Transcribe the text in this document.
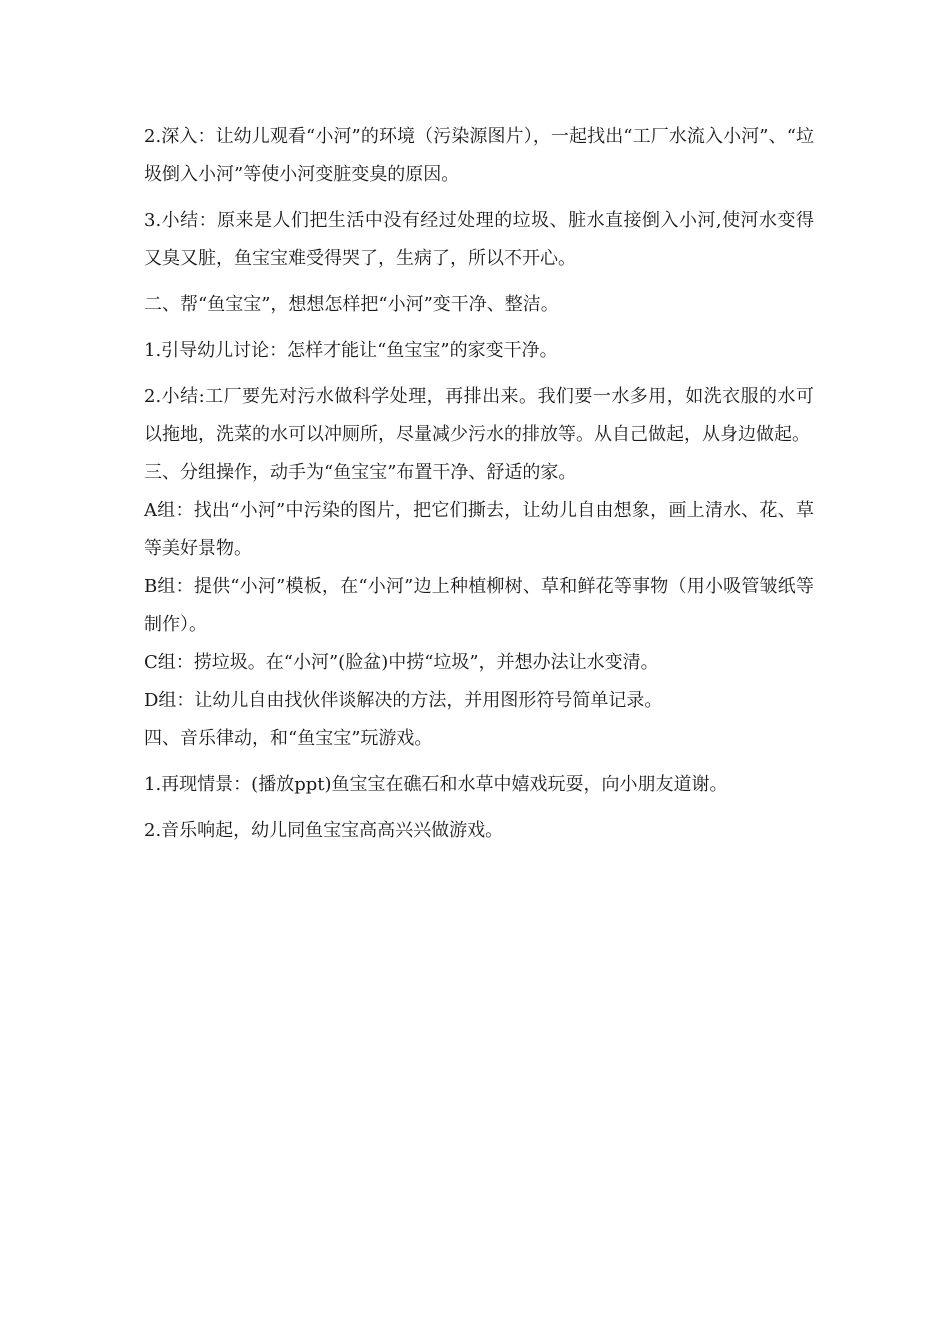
2.深入：让幼儿观看“小河”的环境（污染源图片），一起找出“工厂水流入小河”、“垃圾倒入小河”等使小河变脏变臭的原因。

3.小结：原来是人们把生活中没有经过处理的垃圾、脏水直接倒入小河,使河水变得又臭又脏，鱼宝宝难受得哭了，生病了，所以不开心。

二、帮“鱼宝宝”，想想怎样把“小河”变干净、整洁。

1.引导幼儿讨论：怎样才能让“鱼宝宝”的家变干净。

2.小结:工厂要先对污水做科学处理，再排出来。我们要一水多用，如洗衣服的水可以拖地，洗菜的水可以冲厕所，尽量减少污水的排放等。从自己做起，从身边做起。

三、分组操作，动手为“鱼宝宝”布置干净、舒适的家。

A组：找出“小河”中污染的图片，把它们撕去，让幼儿自由想象，画上清水、花、草等美好景物。

B组：提供“小河”模板，在“小河”边上种植柳树、草和鲜花等事物（用小吸管皱纸等制作）。

C组：捞垃圾。在“小河”(脸盆)中捞“垃圾”，并想办法让水变清。

D组：让幼儿自由找伙伴谈解决的方法，并用图形符号简单记录。

四、音乐律动，和“鱼宝宝”玩游戏。

1.再现情景：(播放ppt)鱼宝宝在礁石和水草中嬉戏玩耍，向小朋友道谢。

2.音乐响起，幼儿同鱼宝宝高高兴兴做游戏。
